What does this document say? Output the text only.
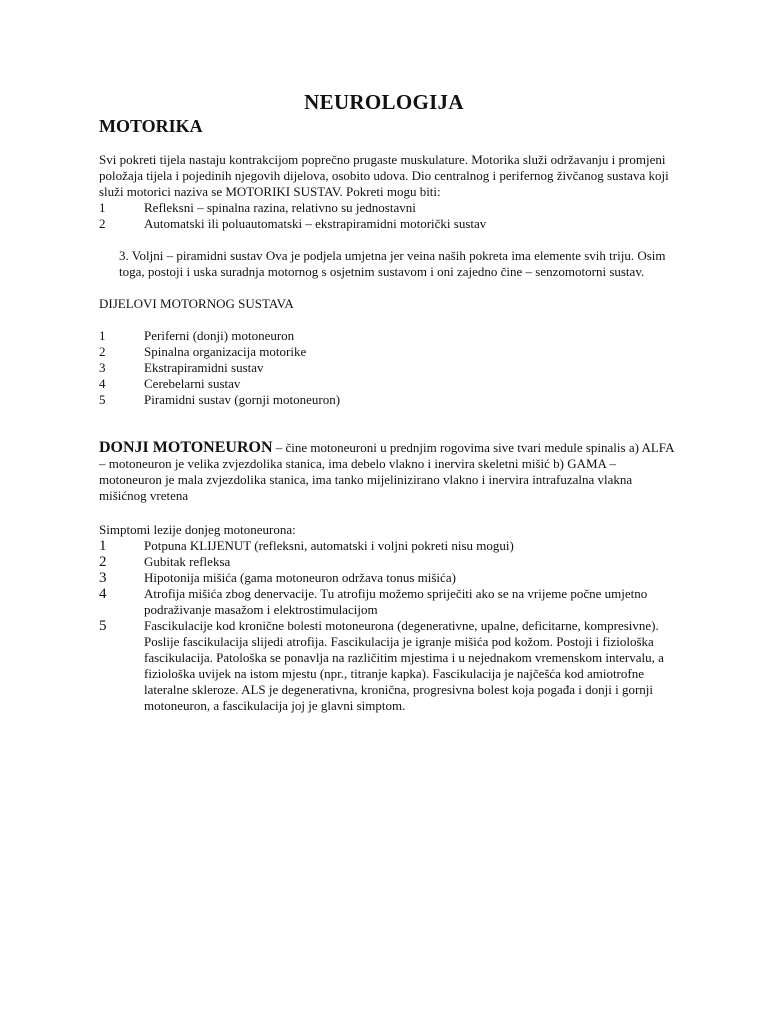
NEUROLOGIJA
MOTORIKA

Svi pokreti tijela nastaju kontrakcijom poprečno prugaste muskulature. Motorika služi održavanju i promjeni položaja tijela i pojedinih njegovih dijelova, osobito udova. Dio centralnog i perifernog živčanog sustava koji služi motorici naziva se MOTORIKI SUSTAV. Pokreti mogu biti:

1	Refleksni – spinalna razina, relativno su jednostavni
2	Automatski ili poluautomatski – ekstrapiramidni motorički sustav

3. Voljni – piramidni sustav Ova je podjela umjetna jer veina naših pokreta ima elemente svih triju. Osim toga, postoji i uska suradnja motornog s osjetnim sustavom i oni zajedno čine – senzomotorni sustav.

DIJELOVI MOTORNOG SUSTAVA

1	Periferni (donji) motoneuron
2	Spinalna organizacija motorike
3	Ekstrapiramidni sustav
4	Cerebelarni sustav
5	Piramidni sustav (gornji motoneuron)

DONJI MOTONEURON – čine motoneuroni u prednjim rogovima sive tvari medule spinalis a) ALFA – motoneuron je velika zvjezdolika stanica, ima debelo vlakno i inervira skeletni mišić b) GAMA – motoneuron je mala zvjezdolika stanica, ima tanko mijelinizirano vlakno i inervira intrafuzalna vlakna mišićnog vretena

Simptomi lezije donjeg motoneurona:

1	Potpuna KLIJENUT (refleksni, automatski i voljni pokreti nisu mogui)
2	Gubitak refleksa
3	Hipotonija mišića (gama motoneuron održava tonus mišića)
4	Atrofija mišića zbog denervacije. Tu atrofiju možemo spriječiti ako se na vrijeme počne umjetno podraživanje masažom i elektrostimulacijom
5	Fascikulacije kod kronične bolesti motoneurona (degenerativne, upalne, deficitarne, kompresivne). Poslije fascikulacija slijedi atrofija. Fascikulacija je igranje mišića pod kožom. Postoji i fiziološka fascikulacija. Patološka se ponavlja na različitim mjestima i u nejednakom vremenskom intervalu, a fiziološka uvijek na istom mjestu (npr., titranje kapka). Fascikulacija je najčešća kod amiotrofne lateralne skleroze. ALS je degenerativna, kronična, progresivna bolest koja pogađa i donji i gornji motoneuron, a fascikulacija joj je glavni simptom.
